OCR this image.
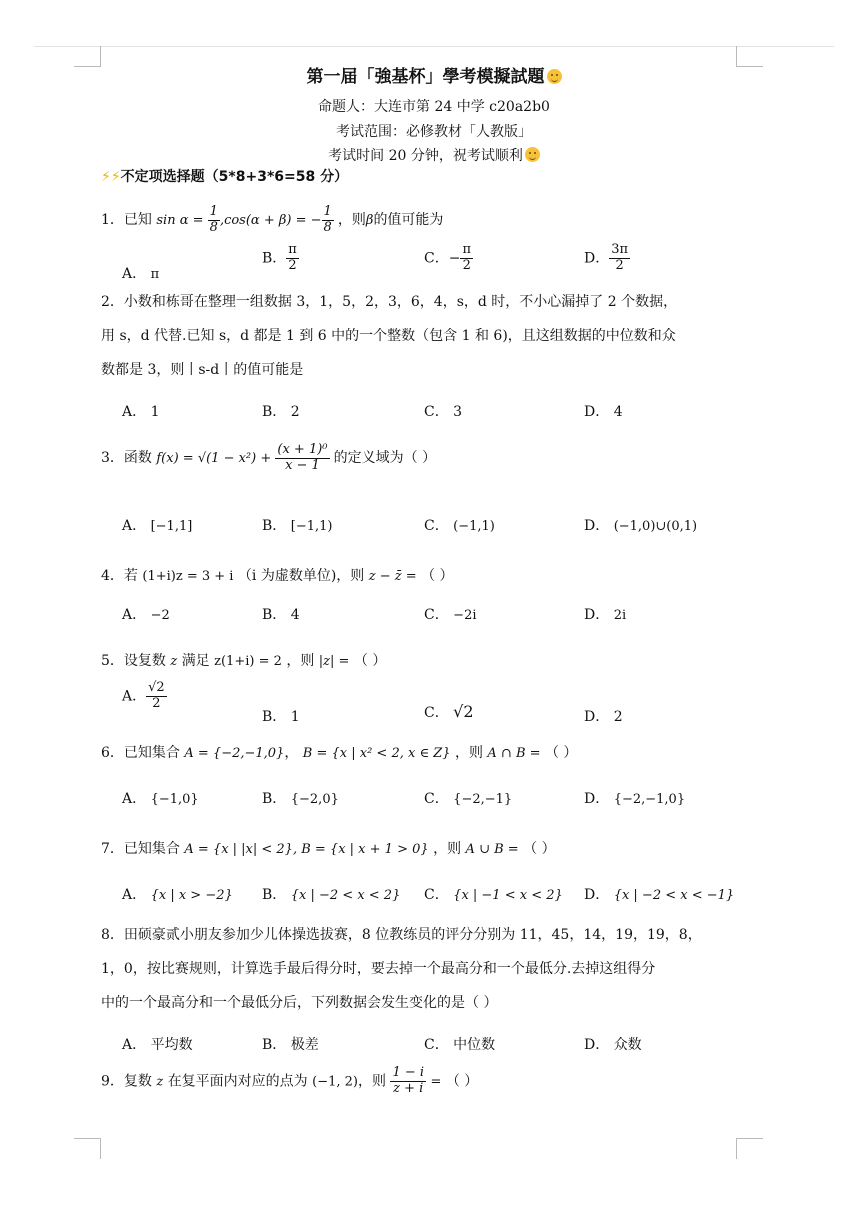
第一届「強基杯」學考模擬試題
命题人：大连市第 24 中学 c20a2b0
考试范围：必修教材「人教版」
考试时间 20 分钟，祝考试顺利
⚡⚡不定项选择题（5*8+3*6=58 分）
1．已知 $\sin \alpha = \frac{1}{8} ,\cos(\alpha + \beta)$ = − $\frac{1}{8}$ ，则β的值可能为
A． π
B． $\frac{\pi}{2}$	C．− $\frac{\pi}{2}$	D． $\frac{3\pi}{2}$
2．小数和栋哥在整理一组数据 3，1，5，2，3，6，4，s，d 时，不小心漏掉了 2 个数据，
用 s，d 代替.已知 s，d 都是 1 到 6 中的一个整数（包含 1 和 6)，且这组数据的中位数和众
数都是 3，则丨s-d丨的值可能是
A． 1	B． 2	C． 3	D． 4
3．函数 $f(x) = √(1 - x^2) + \frac{\text{(x + 1)⁰}}{x - 1}$ 的定义域为（ ）
A． [−1,1]	B． [−1,1)	C． (−1,1)	D． (−1,0)∪(0,1)
4．若 (1+i)z = 3 + i （i 为虚数单位)，则 z − z̄ = （ ）
A． −2	B． 4	C． −2i	D． 2i
5．设复数 z 满足 z(1+i) = 2 ，则 |z| = （ ）
A． $\frac{√2}{2}$
B． 1	C． √2	D． 2
6．已知集合 A = {−2,−1,0}， B = {x | x² < 2, x ∈ Z} ，则 A ∩ B = （ ）
A． {−1,0}	B． {−2,0}	C． {−2,−1}	D． {−2,−1,0}
7．已知集合 A = {x | |x| < 2}, B = {x | x + 1 > 0} ，则 A ∪ B = （ ）
A． {x | x > −2} B． {x | −2 < x < 2} C． {x | −1 < x < 2} D． {x | −2 < x < −1}
8．田硕豪贰小朋友参加少儿体操选拔赛，8 位教练员的评分分别为 11，45，14，19，19，8，
1，0，按比赛规则，计算选手最后得分时，要去掉一个最高分和一个最低分.去掉这组得分
中的一个最高分和一个最低分后，下列数据会发生变化的是（ ）
A． 平均数	B． 极差	C． 中位数	D． 众数
9．复数 z 在复平面内对应的点为 (−1, 2)，则 $\frac{1 - i}{z + i}$ = （ ）
